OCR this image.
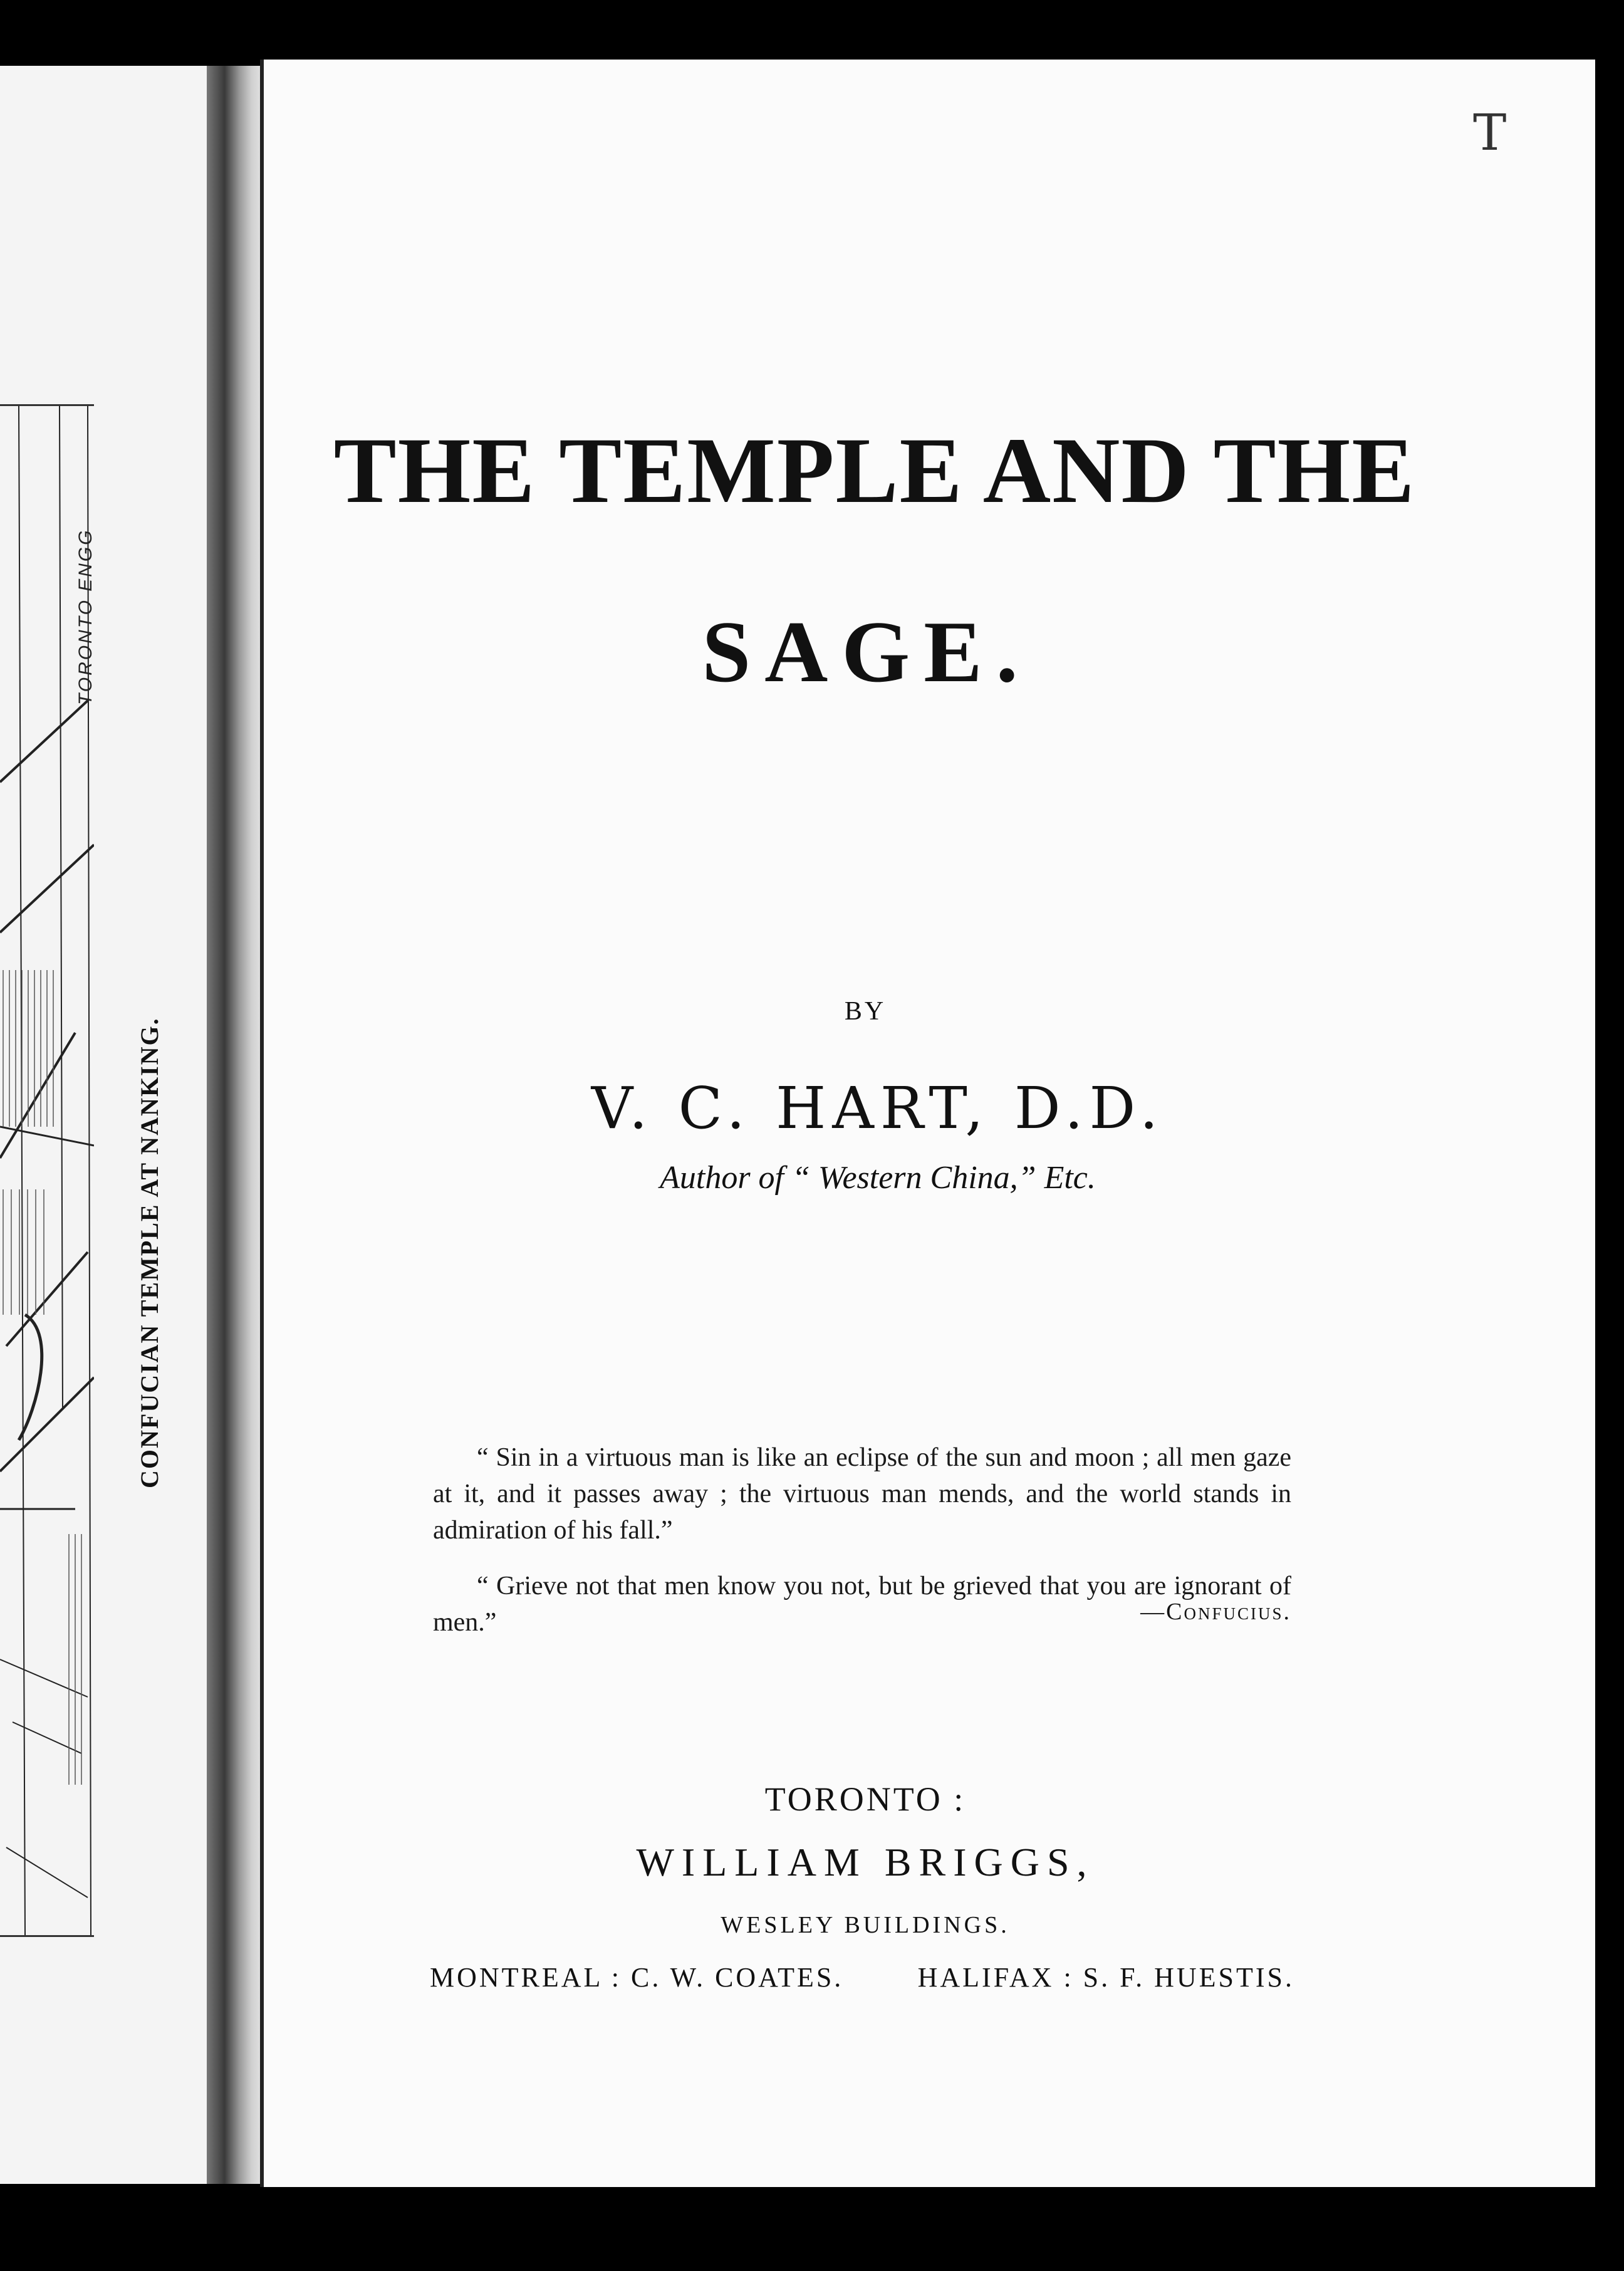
TORONTO ENGG
CONFUCIAN TEMPLE AT NANKING.
T
THE TEMPLE AND THE
SAGE.
BY
V. C. HART, D.D.
Author of “ Western China,” Etc.

“ Sin in a virtuous man is like an eclipse of the sun and moon ; all men gaze at it, and it passes away ; the virtuous man mends, and the world stands in admiration of his fall.”

“ Grieve not that men know you not, but be grieved that you are ignorant of men.”	—Confucius.
TORONTO :
WILLIAM BRIGGS,
WESLEY BUILDINGS.
MONTREAL : C. W. COATES.	HALIFAX : S. F. HUESTIS.
